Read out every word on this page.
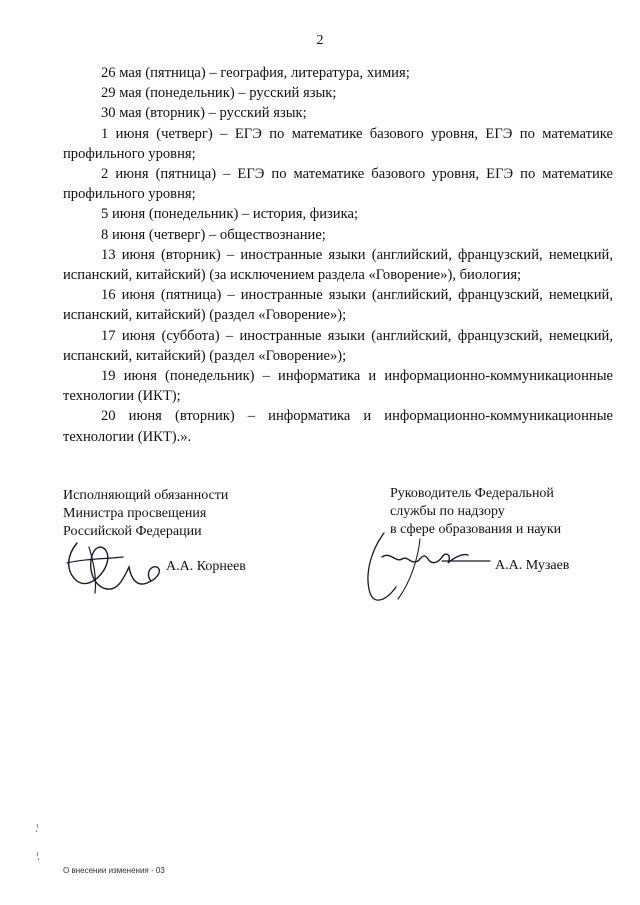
2

26 мая (пятница) – география, литература, химия;

29 мая (понедельник) – русский язык;

30 мая (вторник) – русский язык;

1 июня (четверг) – ЕГЭ по математике базового уровня, ЕГЭ по математике профильного уровня;

2 июня (пятница) – ЕГЭ по математике базового уровня, ЕГЭ по математике профильного уровня;

5 июня (понедельник) – история, физика;

8 июня (четверг) – обществознание;

13 июня (вторник) – иностранные языки (английский, французский, немецкий, испанский, китайский) (за исключением раздела «Говорение»), биология;

16 июня (пятница) – иностранные языки (английский, французский, немецкий, испанский, китайский) (раздел «Говорение»);

17 июня (суббота) – иностранные языки (английский, французский, немецкий, испанский, китайский) (раздел «Говорение»);

19 июня (понедельник) – информатика и информационно-коммуникационные технологии (ИКТ);

20 июня (вторник) – информатика и информационно-коммуникационные технологии (ИКТ).».

Исполняющий обязанности
Министра просвещения
Российской Федерации
А.А. Корнеев
Руководитель Федеральной
службы по надзору
в сфере образования и науки
А.А. Музаев
О внесении изменения - 03
